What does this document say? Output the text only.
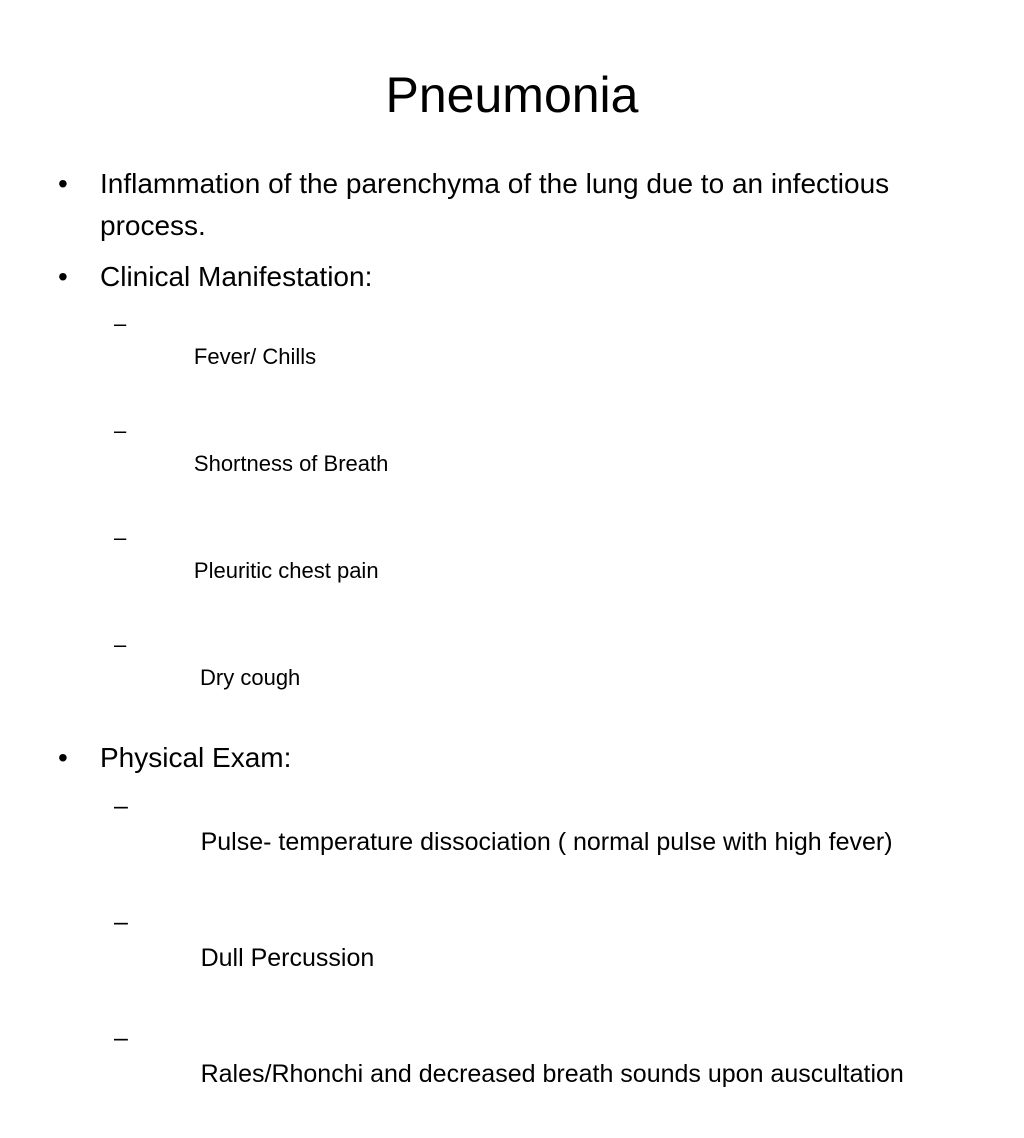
Pneumonia
•	Inflammation of the parenchyma of the lung due to an infectious process.
•	Clinical Manifestation:

–
Fever/ Chills

–
Shortness of Breath

–
Pleuritic chest pain

–
Dry cough

•	Physical Exam:

–
Pulse- temperature dissociation ( normal pulse with high fever)

–
Dull Percussion

–
Rales/Rhonchi and decreased breath sounds upon auscultation
